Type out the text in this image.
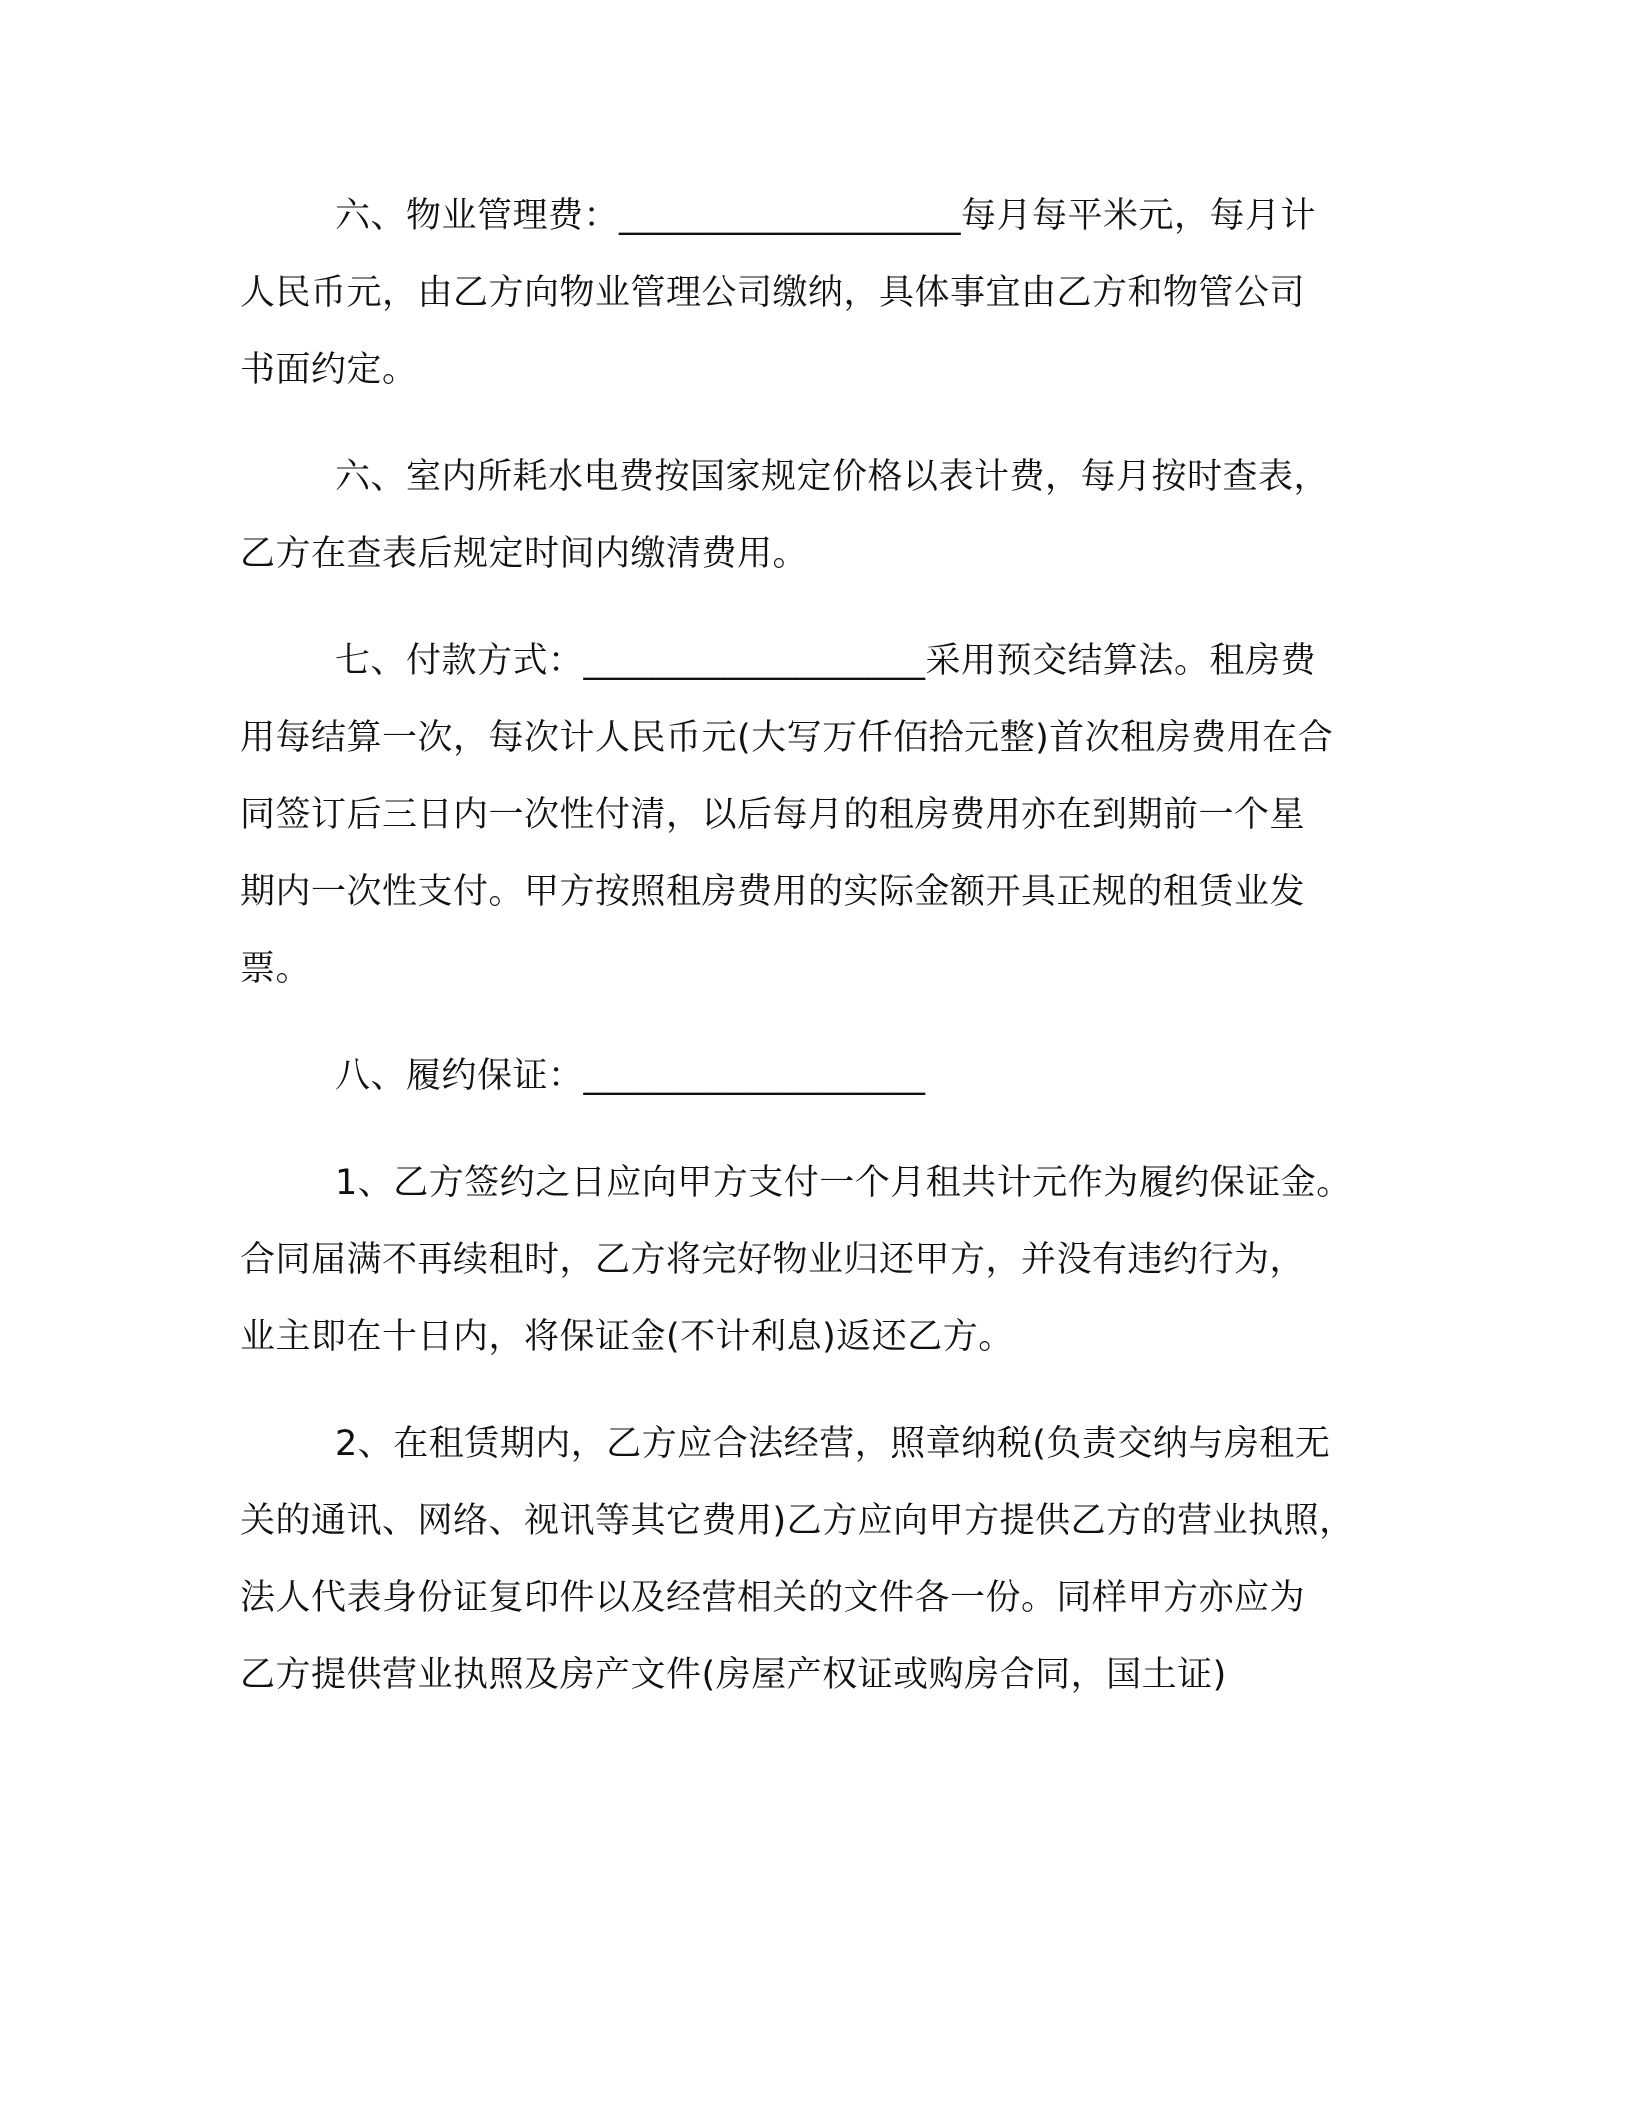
六、物业管理费：___________________每月每平米元，每月计
人民币元，由乙方向物业管理公司缴纳，具体事宜由乙方和物管公司
书面约定。

六、室内所耗水电费按国家规定价格以表计费，每月按时查表，
乙方在查表后规定时间内缴清费用。

七、付款方式：___________________采用预交结算法。租房费
用每结算一次，每次计人民币元(大写万仟佰拾元整)首次租房费用在合
同签订后三日内一次性付清，以后每月的租房费用亦在到期前一个星
期内一次性支付。甲方按照租房费用的实际金额开具正规的租赁业发
票。

八、履约保证：___________________

1、乙方签约之日应向甲方支付一个月租共计元作为履约保证金。
合同届满不再续租时，乙方将完好物业归还甲方，并没有违约行为，
业主即在十日内，将保证金(不计利息)返还乙方。

2、在租赁期内，乙方应合法经营，照章纳税(负责交纳与房租无
关的通讯、网络、视讯等其它费用)乙方应向甲方提供乙方的营业执照，
法人代表身份证复印件以及经营相关的文件各一份。同样甲方亦应为
乙方提供营业执照及房产文件(房屋产权证或购房合同，国土证)
